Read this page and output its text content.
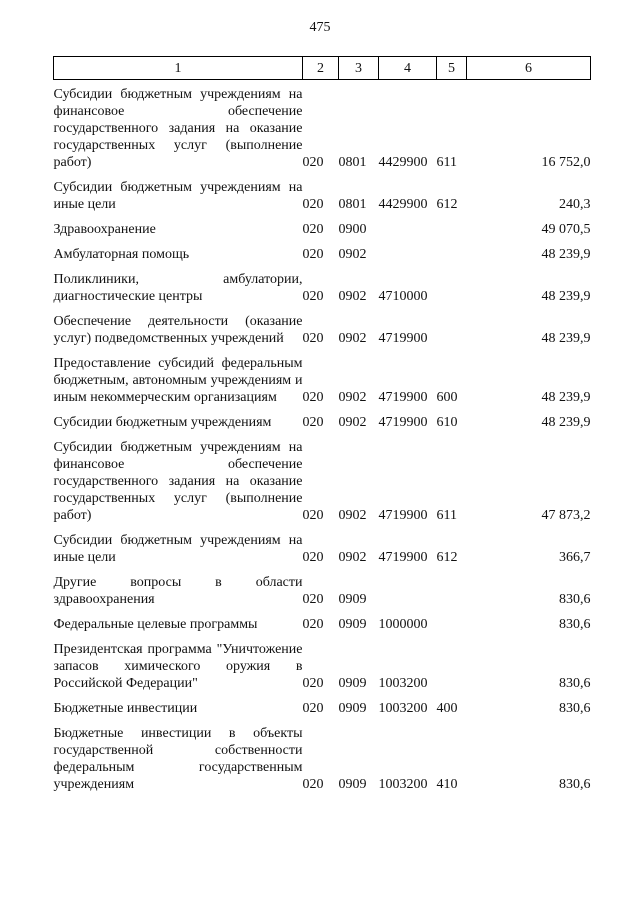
475
1	2	3	4	5	6
Субсидии бюджетным учреждениям на финансовое обеспечение государственного задания на оказание государственных услуг (выполнение работ)	020	0801	4429900	611	16 752,0
Субсидии бюджетным учреждениям на иные цели	020	0801	4429900	612	240,3
Здравоохранение	020	0900			49 070,5
Амбулаторная помощь	020	0902			48 239,9
Поликлиники, амбулатории, диагностические центры	020	0902	4710000		48 239,9
Обеспечение деятельности (оказание услуг) подведомственных учреждений	020	0902	4719900		48 239,9
Предоставление субсидий федеральным бюджетным, автономным учреждениям и иным некоммерческим организациям	020	0902	4719900	600	48 239,9
Субсидии бюджетным учреждениям	020	0902	4719900	610	48 239,9
Субсидии бюджетным учреждениям на финансовое обеспечение государственного задания на оказание государственных услуг (выполнение работ)	020	0902	4719900	611	47 873,2
Субсидии бюджетным учреждениям на иные цели	020	0902	4719900	612	366,7
Другие вопросы в области здравоохранения	020	0909			830,6
Федеральные целевые программы	020	0909	1000000		830,6
Президентская программа "Уничтожение запасов химического оружия в Российской Федерации"	020	0909	1003200		830,6
Бюджетные инвестиции	020	0909	1003200	400	830,6
Бюджетные инвестиции в объекты государственной собственности федеральным государственным учреждениям	020	0909	1003200	410	830,6
